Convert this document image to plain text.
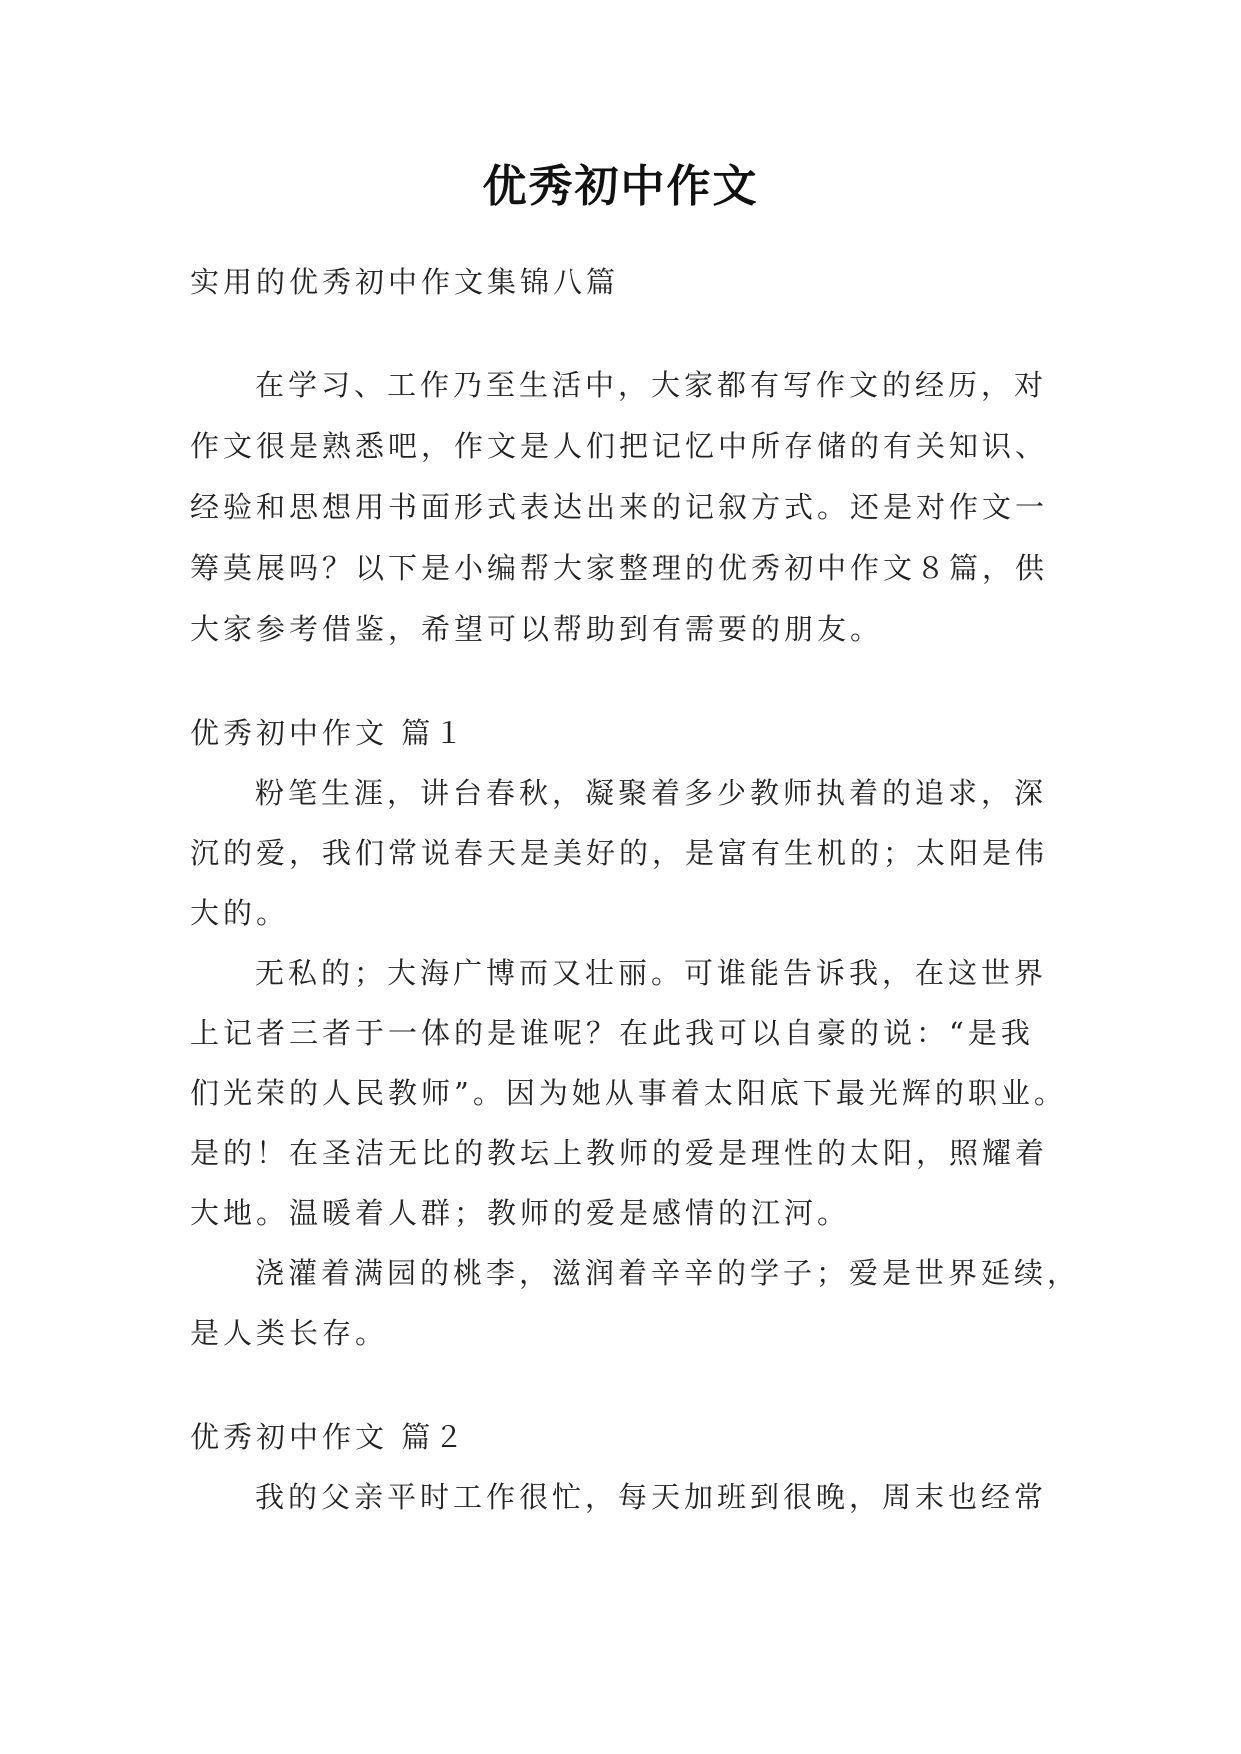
优秀初中作文
实用的优秀初中作文集锦八篇
在学习、工作乃至生活中，大家都有写作文的经历，对
作文很是熟悉吧，作文是人们把记忆中所存储的有关知识、
经验和思想用书面形式表达出来的记叙方式。还是对作文一
筹莫展吗？以下是小编帮大家整理的优秀初中作文８篇，供
大家参考借鉴，希望可以帮助到有需要的朋友。
优秀初中作文 篇１
粉笔生涯，讲台春秋，凝聚着多少教师执着的追求，深
沉的爱，我们常说春天是美好的，是富有生机的；太阳是伟
大的。
无私的；大海广博而又壮丽。可谁能告诉我，在这世界
上记者三者于一体的是谁呢？在此我可以自豪的说：“是我
们光荣的人民教师”。因为她从事着太阳底下最光辉的职业。
是的！在圣洁无比的教坛上教师的爱是理性的太阳，照耀着
大地。温暖着人群；教师的爱是感情的江河。
浇灌着满园的桃李，滋润着辛辛的学子；爱是世界延续，
是人类长存。
优秀初中作文 篇２
我的父亲平时工作很忙，每天加班到很晚，周末也经常
